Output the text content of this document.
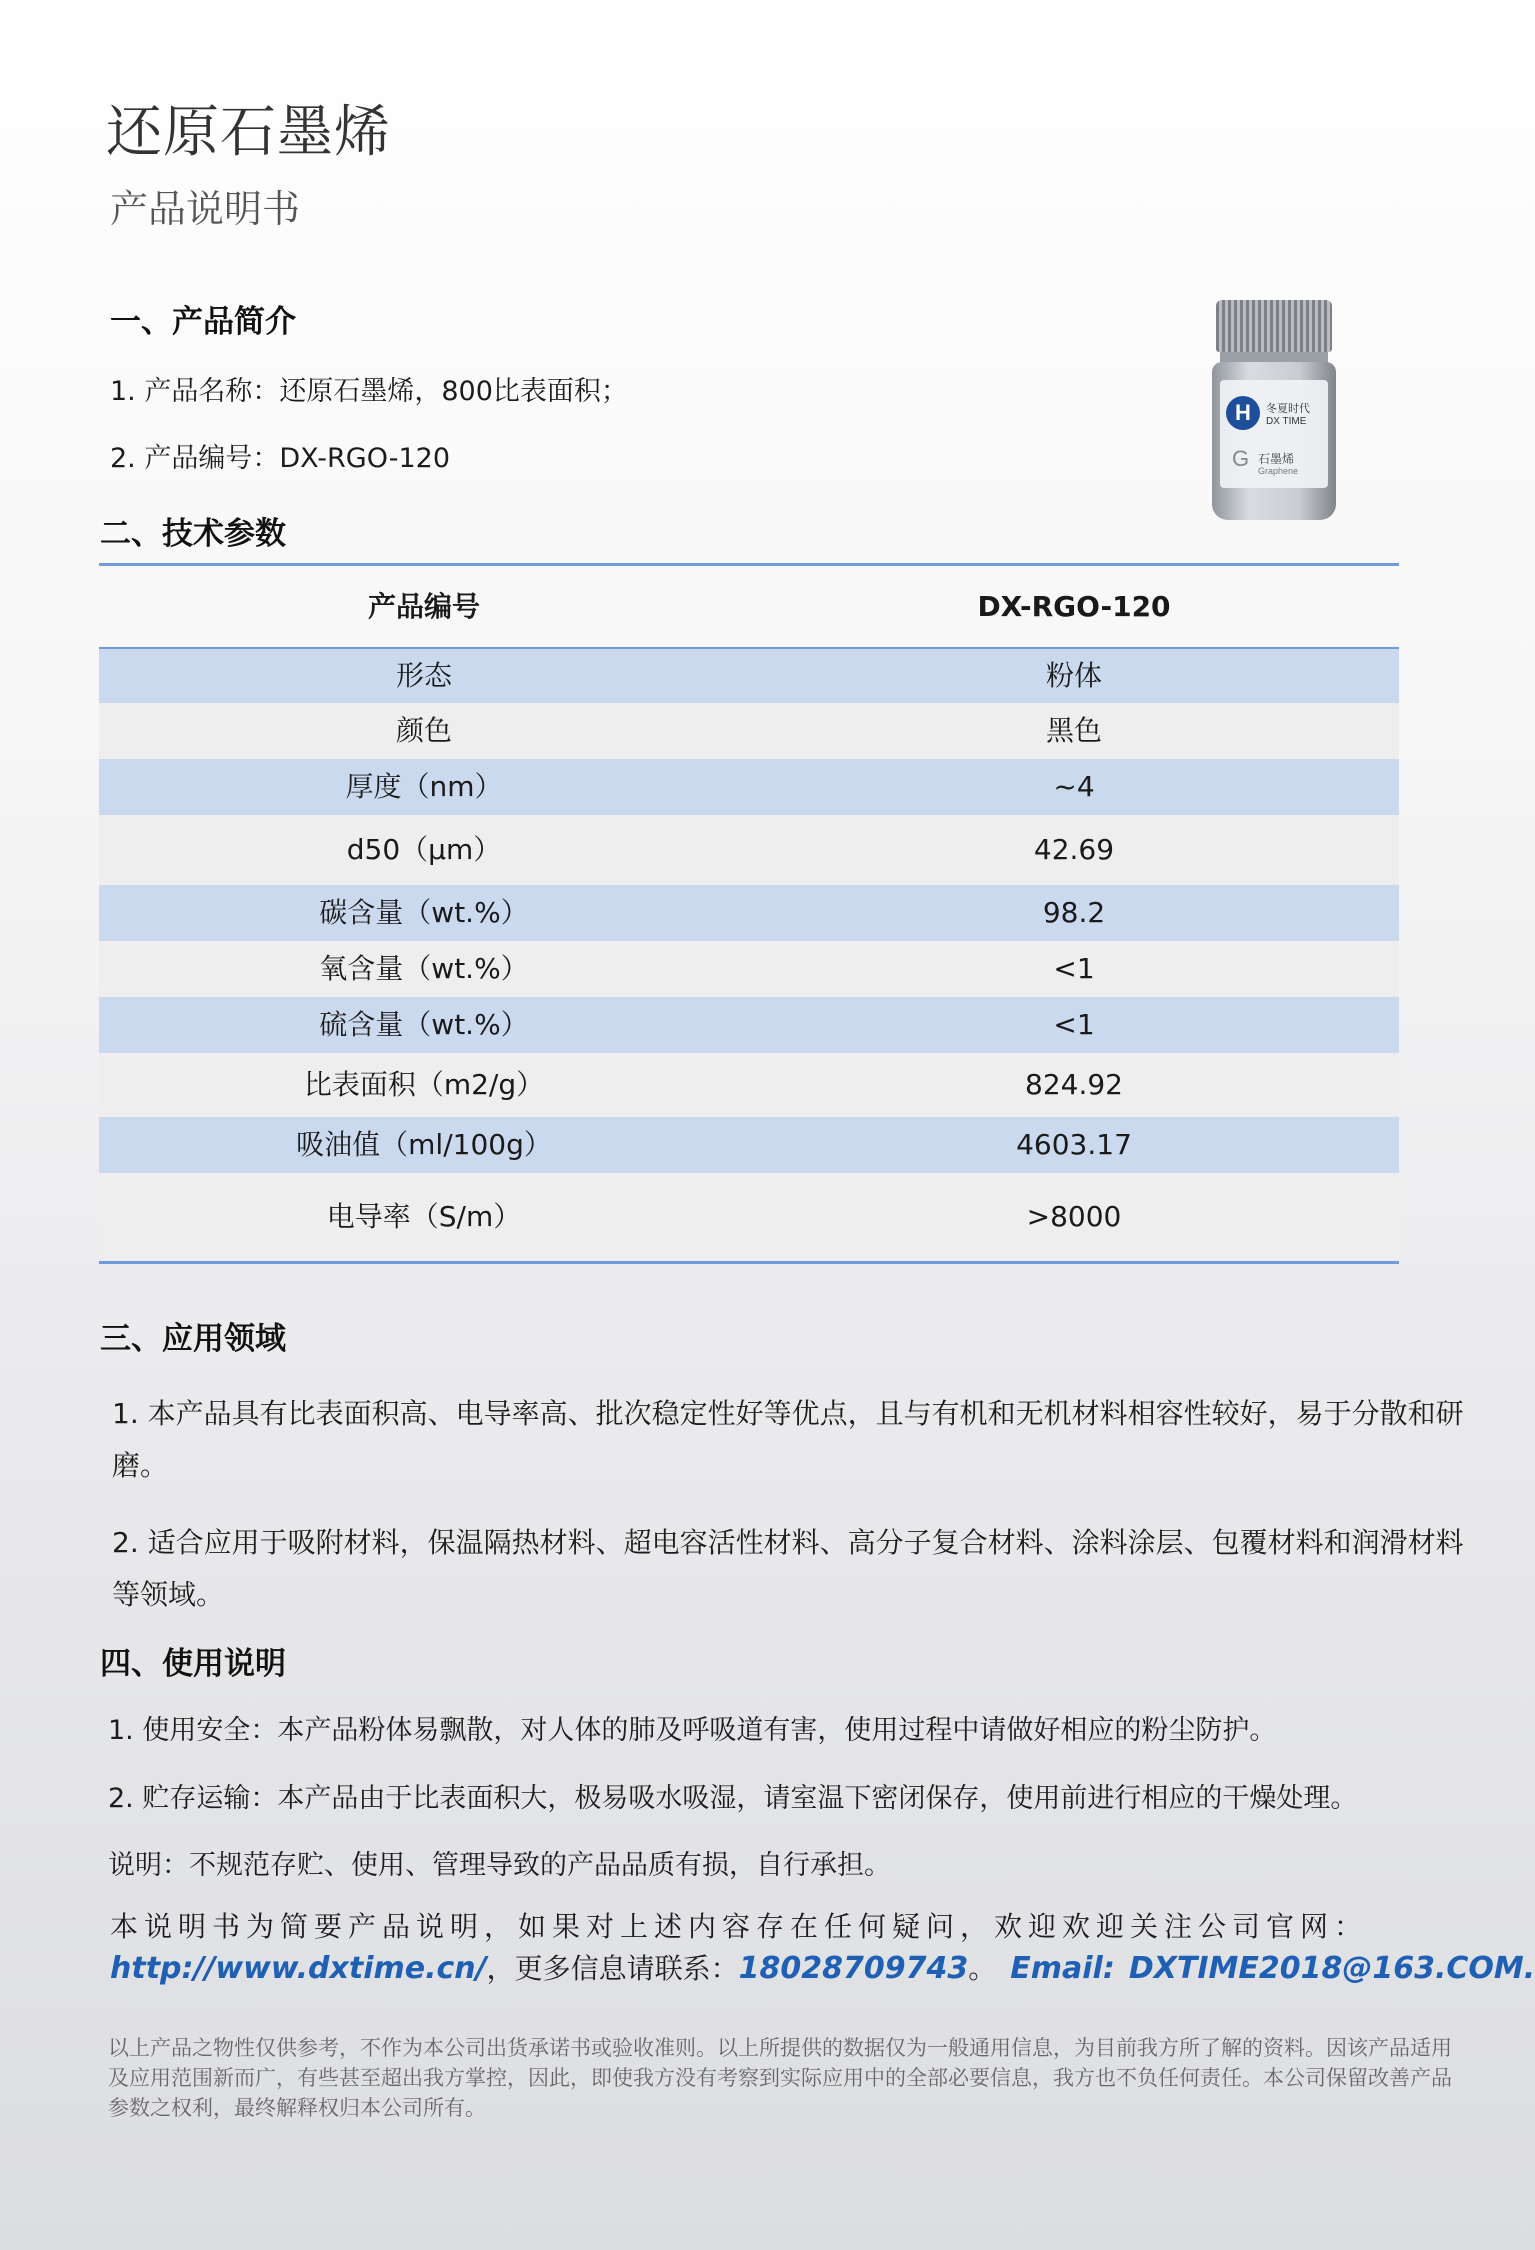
还原石墨烯
产品说明书
H	冬夏时代
DX TIME
G 石墨烯
Graphene
一、产品简介
1. 产品名称：还原石墨烯，800比表面积；
2. 产品编号：DX-RGO-120
二、技术参数
产品编号	DX-RGO-120
形态	粉体
颜色	黑色
厚度（nm）	~4
d50（μm）	42.69
碳含量（wt.%）	98.2
氧含量（wt.%）	<1
硫含量（wt.%）	<1
比表面积（m2/g）	824.92
吸油值（ml/100g）	4603.17
电导率（S/m）	>8000
三、应用领域
1. 本产品具有比表面积高、电导率高、批次稳定性好等优点，且与有机和无机材料相容性较好，易于分散和研磨。
2. 适合应用于吸附材料，保温隔热材料、超电容活性材料、高分子复合材料、涂料涂层、包覆材料和润滑材料等领域。
四、使用说明
1. 使用安全：本产品粉体易飘散，对人体的肺及呼吸道有害，使用过程中请做好相应的粉尘防护。
2. 贮存运输：本产品由于比表面积大，极易吸水吸湿，请室温下密闭保存，使用前进行相应的干燥处理。
说明：不规范存贮、使用、管理导致的产品品质有损，自行承担。
本说明书为简要产品说明，如果对上述内容存在任何疑问，欢迎欢迎关注公司官网：
http://www.dxtime.cn/，更多信息请联系：18028709743。 Email: DXTIME2018@163.COM.
以上产品之物性仅供参考，不作为本公司出货承诺书或验收准则。以上所提供的数据仅为一般通用信息，为目前我方所了解的资料。因该产品适用及应用范围新而广，有些甚至超出我方掌控，因此，即使我方没有考察到实际应用中的全部必要信息，我方也不负任何责任。本公司保留改善产品参数之权利，最终解释权归本公司所有。
